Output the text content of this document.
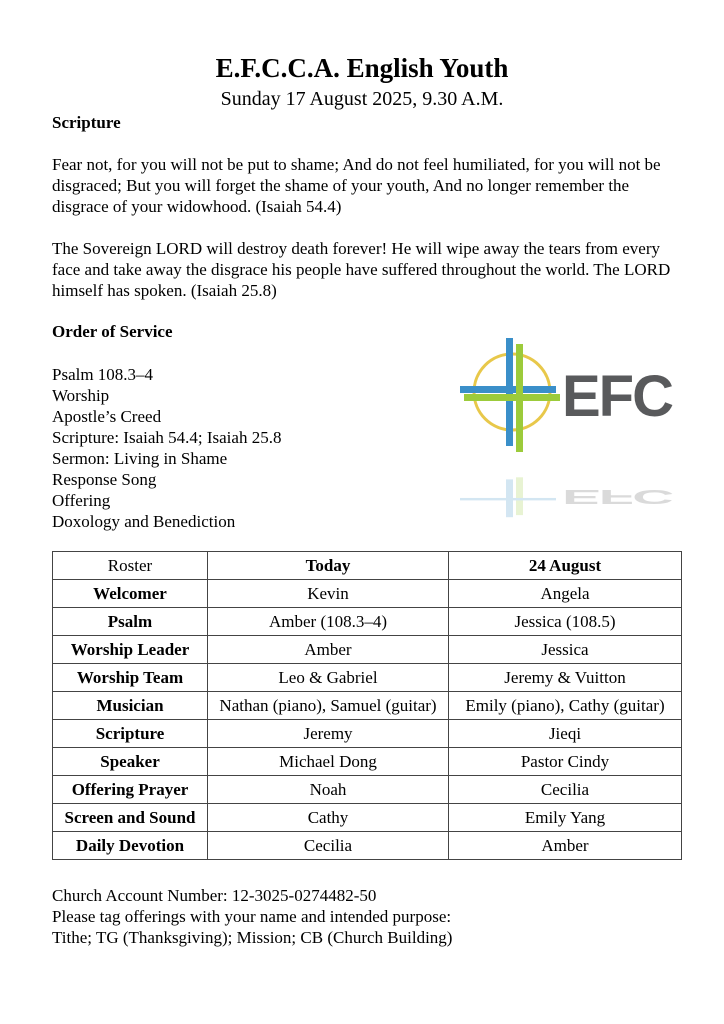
E.F.C.C.A. English Youth
Sunday 17 August 2025, 9.30 A.M.
Scripture
Fear not, for you will not be put to shame; And do not feel humiliated, for you will not be disgraced; But you will forget the shame of your youth, And no longer remember the disgrace of your widowhood. (Isaiah 54.4)
The Sovereign LORD will destroy death forever! He will wipe away the tears from every face and take away the disgrace his people have suffered throughout the world. The LORD himself has spoken. (Isaiah 25.8)
Order of Service
Psalm 108.3–4
Worship
Apostle’s Creed
Scripture: Isaiah 54.4; Isaiah 25.8
Sermon: Living in Shame
Response Song
Offering
Doxology and Benediction
EFC
EFC
Roster	Today	24 August
Welcomer	Kevin	Angela
Psalm	Amber (108.3–4)	Jessica (108.5)
Worship Leader	Amber	Jessica
Worship Team	Leo & Gabriel	Jeremy & Vuitton
Musician	Nathan (piano), Samuel (guitar)	Emily (piano), Cathy (guitar)
Scripture	Jeremy	Jieqi
Speaker	Michael Dong	Pastor Cindy
Offering Prayer	Noah	Cecilia
Screen and Sound	Cathy	Emily Yang
Daily Devotion	Cecilia	Amber
Church Account Number: 12-3025-0274482-50
Please tag offerings with your name and intended purpose:
Tithe; TG (Thanksgiving); Mission; CB (Church Building)
